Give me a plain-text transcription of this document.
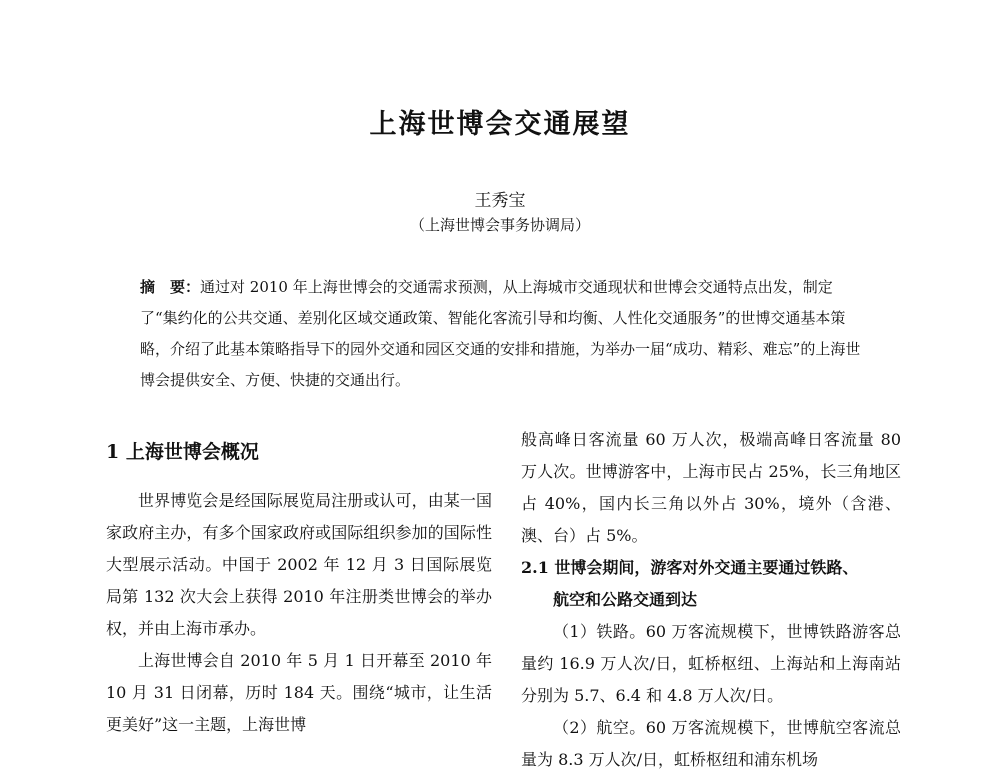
上海世博会交通展望
王秀宝
（上海世博会事务协调局）
摘　要：通过对 2010 年上海世博会的交通需求预测，从上海城市交通现状和世博会交通特点出发，制定了“集约化的公共交通、差别化区域交通政策、智能化客流引导和均衡、人性化交通服务”的世博交通基本策略，介绍了此基本策略指导下的园外交通和园区交通的安排和措施，为举办一届“成功、精彩、难忘”的上海世博会提供安全、方便、快捷的交通出行。
1 上海世博会概况

世界博览会是经国际展览局注册或认可，由某一国家政府主办，有多个国家政府或国际组织参加的国际性大型展示活动。中国于 2002 年 12 月 3 日国际展览局第 132 次大会上获得 2010 年注册类世博会的举办权，并由上海市承办。

上海世博会自 2010 年 5 月 1 日开幕至 2010 年 10 月 31 日闭幕，历时 184 天。围绕“城市，让生活更美好”这一主题，上海世博

般高峰日客流量 60 万人次，极端高峰日客流量 80 万人次。世博游客中，上海市民占 25%，长三角地区占 40%，国内长三角以外占 30%，境外（含港、澳、台）占 5%。

2.1 世博会期间，游客对外交通主要通过铁路、
航空和公路交通到达

（1）铁路。60 万客流规模下，世博铁路游客总量约 16.9 万人次/日，虹桥枢纽、上海站和上海南站分别为 5.7、6.4 和 4.8 万人次/日。

（2）航空。60 万客流规模下，世博航空客流总量为 8.3 万人次/日，虹桥枢纽和浦东机场
